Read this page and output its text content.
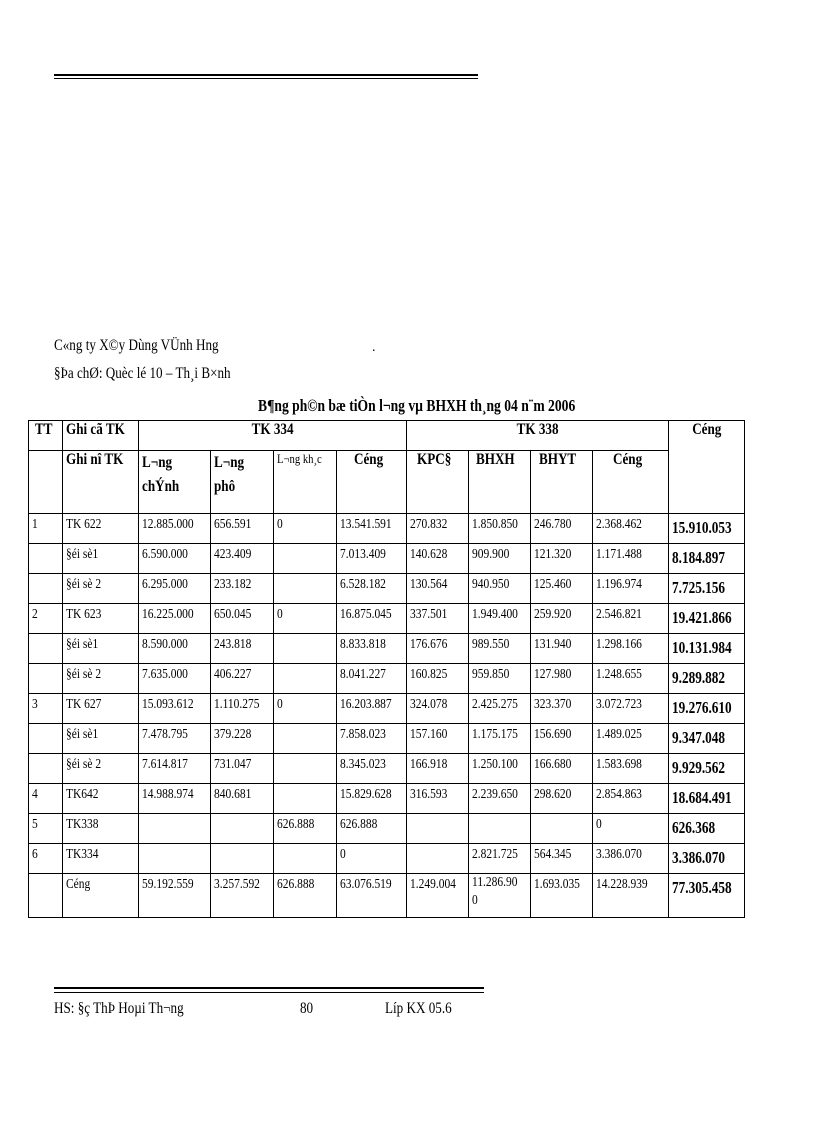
C«ng ty X©y Dùng VÜnh Hng	.
§Þa chØ: Quèc lé 10 – Th¸i B×nh
B¶ng ph©n bæ tiÒn l¬ng vµ BHXH th¸ng 04 n¨m 2006
TT	Ghi cã TK	TK 334				TK 338				Céng
	Ghi nî TK	L¬ng chÝnh	L¬ng phô	L¬ng kh¸c	Céng	KPC§	BHXH	BHYT	Céng	
1	TK 622	12.885.000	656.591	0	13.541.591	270.832	1.850.850	246.780	2.368.462	15.910.053
	§éi sè1	6.590.000	423.409		7.013.409	140.628	909.900	121.320	1.171.488	8.184.897
	§éi sè 2	6.295.000	233.182		6.528.182	130.564	940.950	125.460	1.196.974	7.725.156
2	TK 623	16.225.000	650.045	0	16.875.045	337.501	1.949.400	259.920	2.546.821	19.421.866
	§éi sè1	8.590.000	243.818		8.833.818	176.676	989.550	131.940	1.298.166	10.131.984
	§éi sè 2	7.635.000	406.227		8.041.227	160.825	959.850	127.980	1.248.655	9.289.882
3	TK 627	15.093.612	1.110.275	0	16.203.887	324.078	2.425.275	323.370	3.072.723	19.276.610
	§éi sè1	7.478.795	379.228		7.858.023	157.160	1.175.175	156.690	1.489.025	9.347.048
	§éi sè 2	7.614.817	731.047		8.345.023	166.918	1.250.100	166.680	1.583.698	9.929.562
4	TK642	14.988.974	840.681		15.829.628	316.593	2.239.650	298.620	2.854.863	18.684.491
5	TK338			626.888	626.888				0	626.368
6	TK334				0		2.821.725	564.345	3.386.070	3.386.070
	Céng	59.192.559	3.257.592	626.888	63.076.519	1.249.004	11.286.90 0	1.693.035	14.228.939	77.305.458
HS: §ç ThÞ Hoµi Th¬ng	80	Líp KX 05.6
